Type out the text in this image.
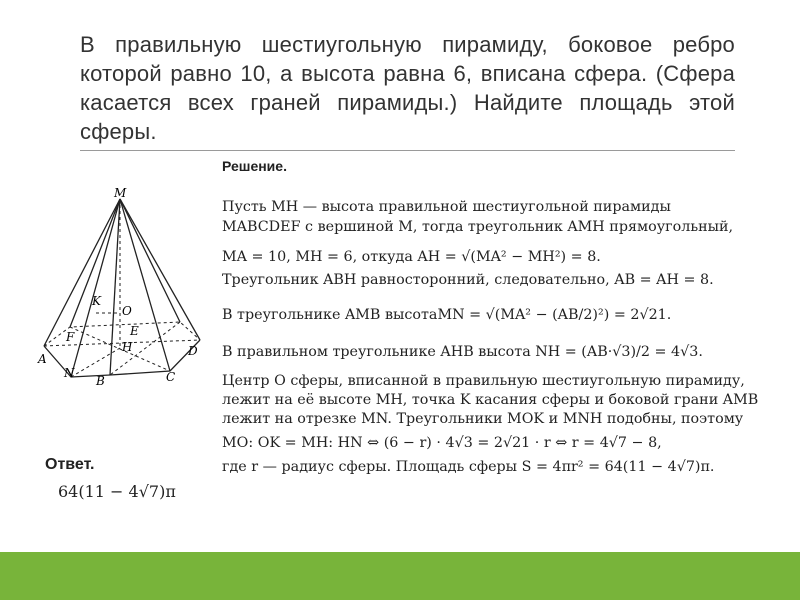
В правильную шестиугольную пирамиду, боковое ребро которой равно 10, а высота равна 6, вписана сфера. (Сфера касается всех граней пирамиды.) Найдите площадь этой сферы.
Решение.
Пусть MH — высота правильной шестиугольной пирамиды
MABCDEF с вершиной M, тогда треугольник AMH прямоугольный,
MA = 10, MH = 6, откуда AH = √(MA² − MH²) = 8.
Треугольник ABH равносторонний, следовательно, AB = AH = 8.
В треугольнике AMB высотаMN = √(MA² − (AB/2)²) = 2√21.
В правильном треугольнике AHB высота NH = (AB·√3)/2 = 4√3.
Центр O сферы, вписанной в правильную шестиугольную пирамиду,
лежит на её высоте MH, точка K касания сферы и боковой грани AMB
лежит на отрезке MN. Треугольники MOK и MNH подобны, поэтому
MO: OK = MH: HN ⇔ (6 − r) · 4√3 = 2√21 · r ⇔ r = 4√7 − 8,
где r — радиус сферы. Площадь сферы S = 4πr² = 64(11 − 4√7)π.
Ответ.
64(11 − 4√7)π
M
K
O
E
F
H	D
A
N
B	C
